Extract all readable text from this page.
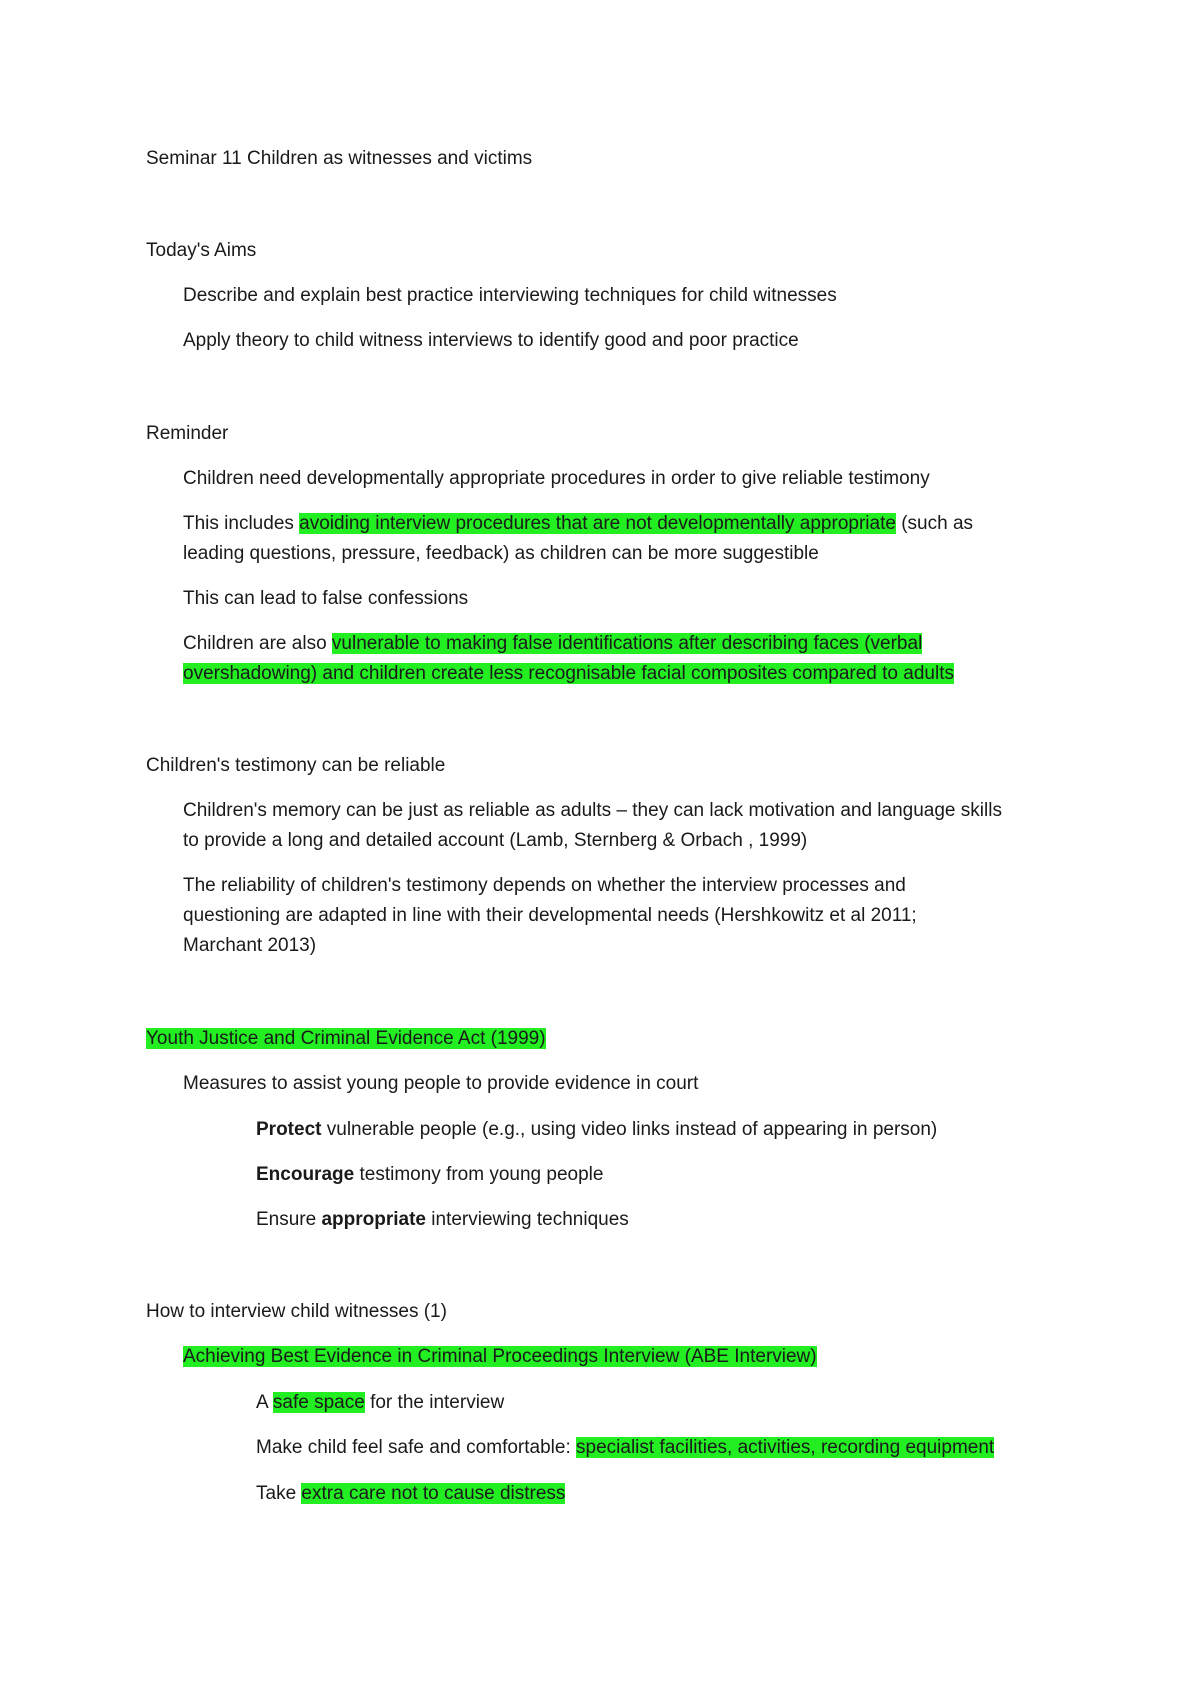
Seminar 11 Children as witnesses and victims
Today's Aims
Describe and explain best practice interviewing techniques for child witnesses
Apply theory to child witness interviews to identify good and poor practice
Reminder
Children need developmentally appropriate procedures in order to give reliable testimony
This includes avoiding interview procedures that are not developmentally appropriate (such as
leading questions, pressure, feedback) as children can be more suggestible
This can lead to false confessions
Children are also vulnerable to making false identifications after describing faces (verbal
overshadowing) and children create less recognisable facial composites compared to adults
Children's testimony can be reliable
Children's memory can be just as reliable as adults – they can lack motivation and language skills
to provide a long and detailed account (Lamb, Sternberg & Orbach , 1999)
The reliability of children's testimony depends on whether the interview processes and
questioning are adapted in line with their developmental needs (Hershkowitz et al 2011;
Marchant 2013)
Youth Justice and Criminal Evidence Act (1999)
Measures to assist young people to provide evidence in court
Protect vulnerable people (e.g., using video links instead of appearing in person)
Encourage testimony from young people
Ensure appropriate interviewing techniques
How to interview child witnesses (1)
Achieving Best Evidence in Criminal Proceedings Interview (ABE Interview)
A safe space for the interview
Make child feel safe and comfortable: specialist facilities, activities, recording equipment
Take extra care not to cause distress
